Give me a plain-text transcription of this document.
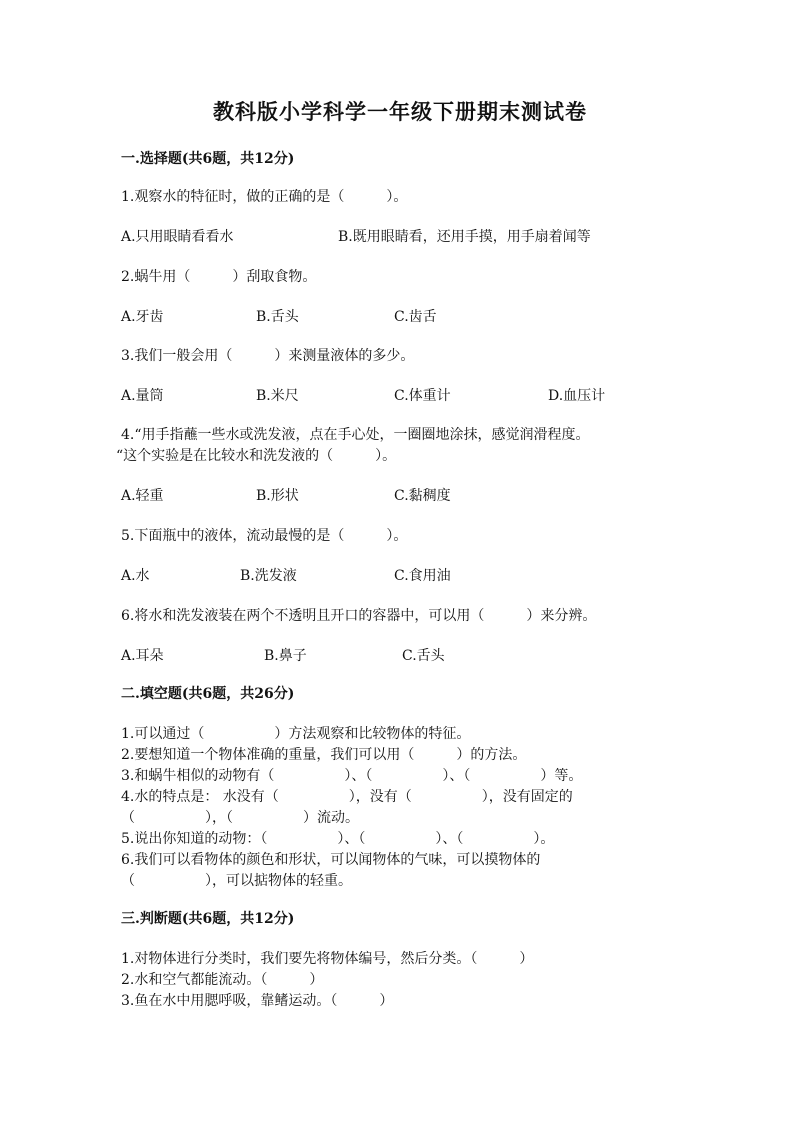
教科版小学科学一年级下册期末测试卷
一.选择题(共6题，共12分)
1.观察水的特征时，做的正确的是（　　　）。
A.只用眼睛看看水	B.既用眼睛看，还用手摸，用手扇着闻等
2.蜗牛用（　　　）刮取食物。
A.牙齿	B.舌头	C.齿舌
3.我们一般会用（　　　）来测量液体的多少。
A.量筒	B.米尺	C.体重计	D.血压计
4.“用手指蘸一些水或洗发液，点在手心处，一圈圈地涂抹，感觉润滑程度。
“这个实验是在比较水和洗发液的（　　　）。
A.轻重	B.形状	C.黏稠度
5.下面瓶中的液体，流动最慢的是（　　　）。
A.水	B.洗发液	C.食用油
6.将水和洗发液装在两个不透明且开口的容器中，可以用（　　　）来分辨。
A.耳朵	B.鼻子	C.舌头
二.填空题(共6题，共26分)
1.可以通过（　　　　　）方法观察和比较物体的特征。
2.要想知道一个物体准确的重量，我们可以用（　　　）的方法。
3.和蜗牛相似的动物有（　　　　　）、（　　　　　）、（　　　　　）等。
4.水的特点是： 水没有（　　　　　），没有（　　　　　），没有固定的
（　　　　　），（　　　　　）流动。
5.说出你知道的动物：（　　　　　）、（　　　　　）、（　　　　　）。
6.我们可以看物体的颜色和形状，可以闻物体的气味，可以摸物体的
（　　　　　），可以掂物体的轻重。
三.判断题(共6题，共12分)
1.对物体进行分类时，我们要先将物体编号，然后分类。（　　　）
2.水和空气都能流动。（　　　）
3.鱼在水中用腮呼吸，靠鳍运动。（　　　）
